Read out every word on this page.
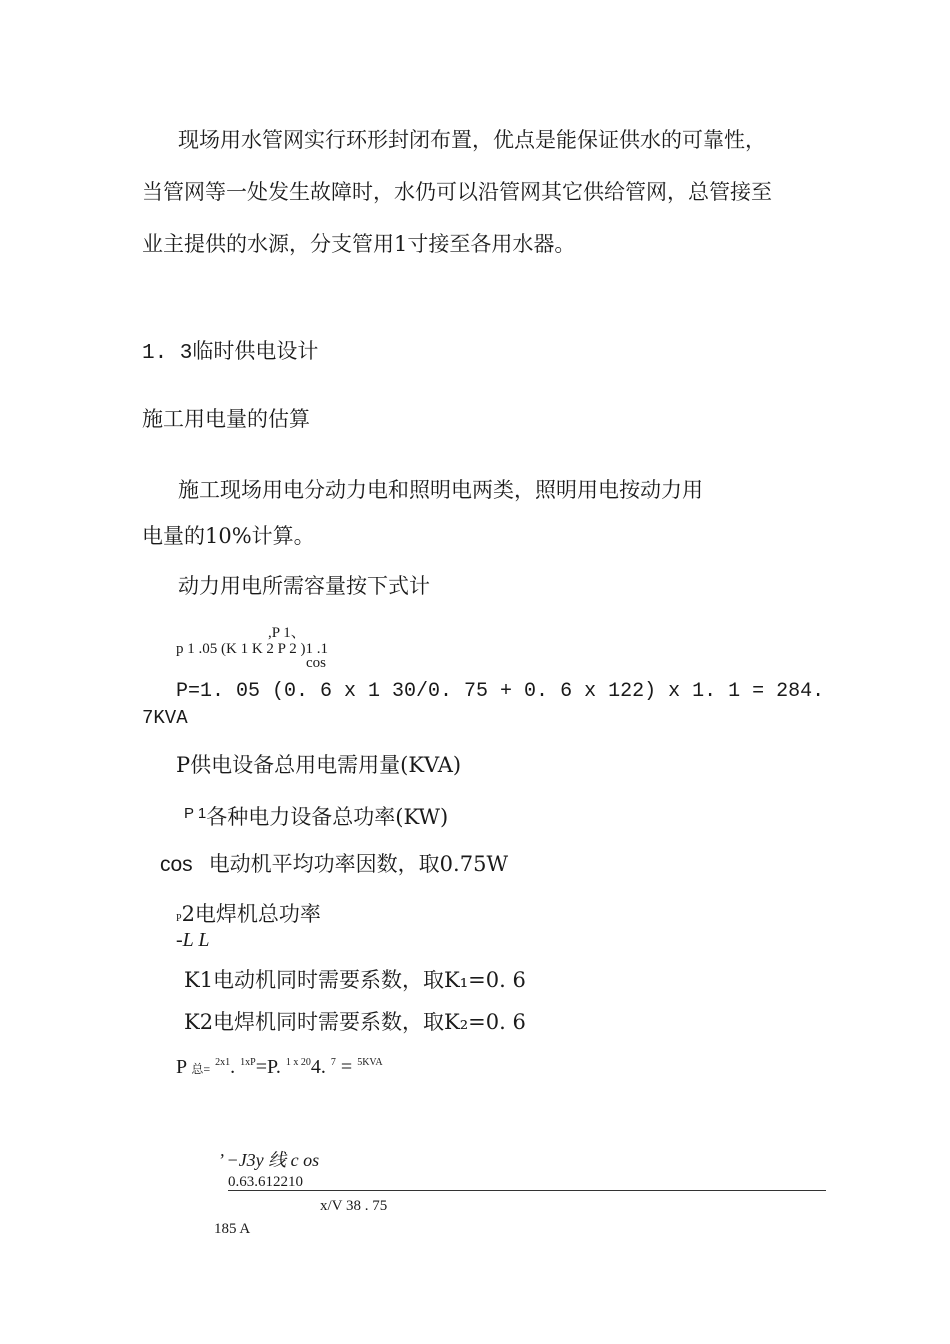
现场用水管网实行环形封闭布置，优点是能保证供水的可靠性，
当管网等一处发生故障时，水仍可以沿管网其它供给管网，总管接至
业主提供的水源，分支管用1寸接至各用水器。
1. 3临时供电设计
施工用电量的估算
施工现场用电分动力电和照明电两类，照明用电按动力用
电量的10%计算。
动力用电所需容量按下式计
,P 1、
p 1 .05 (K 1 K 2 P 2 )1 .1
cos
P=1. 05 (0. 6 x 1 30/0. 75 + 0. 6 x 122) x 1. 1 = 284.
7KVA
P供电设备总用电需用量(KVA)
$^{P 1}$各种电力设备总功率(KW)
cos 电动机平均功率因数，取0.75W
P2电焊机总功率
-L L
K1电动机同时需要系数，取K₁=0. 6
K2电焊机同时需要系数，取K₂=0. 6
P 总= $^{2x1}$. $^{1xP}$=P. $^{1 x 20}$4. $^7$ = $^{5KVA}$
’ −J3y 线 c os
0.63.612210
x/V 38 . 75
185 A
